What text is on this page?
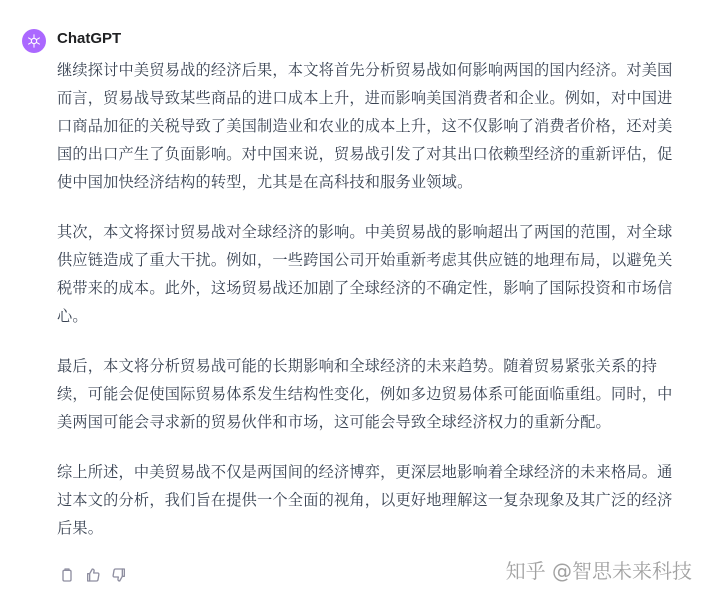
ChatGPT

继续探讨中美贸易战的经济后果，本文将首先分析贸易战如何影响两国的国内经济。对美国而言，贸易战导致某些商品的进口成本上升，进而影响美国消费者和企业。例如，对中国进口商品加征的关税导致了美国制造业和农业的成本上升，这不仅影响了消费者价格，还对美国的出口产生了负面影响。对中国来说，贸易战引发了对其出口依赖型经济的重新评估，促使中国加快经济结构的转型，尤其是在高科技和服务业领域。

其次，本文将探讨贸易战对全球经济的影响。中美贸易战的影响超出了两国的范围，对全球供应链造成了重大干扰。例如，一些跨国公司开始重新考虑其供应链的地理布局，以避免关税带来的成本。此外，这场贸易战还加剧了全球经济的不确定性，影响了国际投资和市场信心。

最后，本文将分析贸易战可能的长期影响和全球经济的未来趋势。随着贸易紧张关系的持续，可能会促使国际贸易体系发生结构性变化，例如多边贸易体系可能面临重组。同时，中美两国可能会寻求新的贸易伙伴和市场，这可能会导致全球经济权力的重新分配。

综上所述，中美贸易战不仅是两国间的经济博弈，更深层地影响着全球经济的未来格局。通过本文的分析，我们旨在提供一个全面的视角，以更好地理解这一复杂现象及其广泛的经济后果。

知乎 @智思未来科技
